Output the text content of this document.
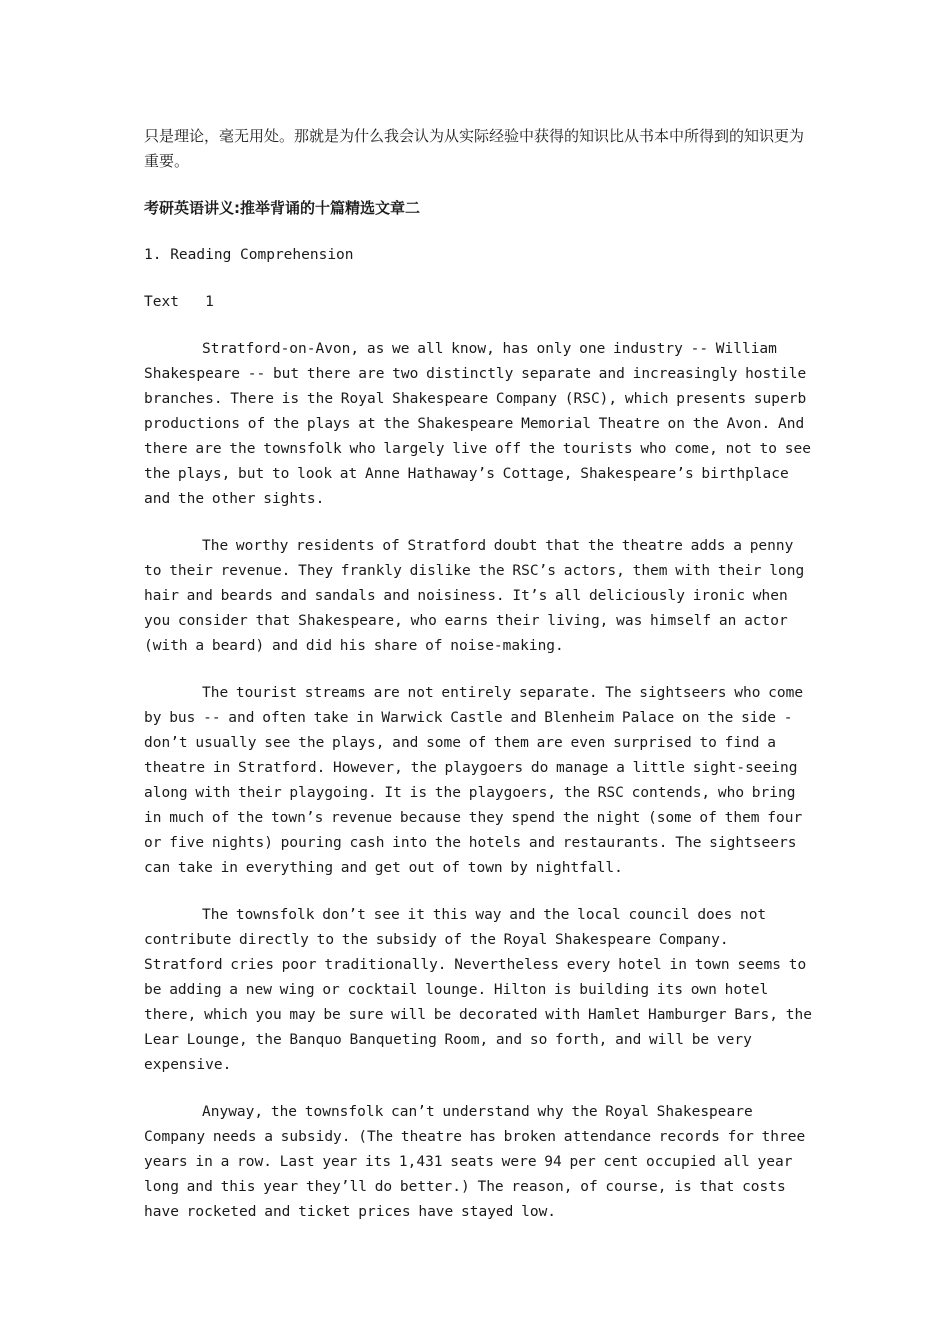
只是理论，毫无用处。那就是为什么我会认为从实际经验中获得的知识比从书本中所得到的知识更为重要。

考研英语讲义:推举背诵的十篇精选文章二

1. Reading Comprehension

Text   1

Stratford-on-Avon, as we all know, has only one industry -- William Shakespeare -- but there are two distinctly separate and increasingly hostile branches. There is the Royal Shakespeare Company (RSC), which presents superb productions of the plays at the Shakespeare Memorial Theatre on the Avon. And there are the townsfolk who largely live off the tourists who come, not to see the plays, but to look at Anne Hathaway’s Cottage, Shakespeare’s birthplace and the other sights.

The worthy residents of Stratford doubt that the theatre adds a penny to their revenue. They frankly dislike the RSC’s actors, them with their long hair and beards and sandals and noisiness. It’s all deliciously ironic when you consider that Shakespeare, who earns their living, was himself an actor (with a beard) and did his share of noise-making.

The tourist streams are not entirely separate. The sightseers who come by bus -- and often take in Warwick Castle and Blenheim Palace on the side -don’t usually see the plays, and some of them are even surprised to find a theatre in Stratford. However, the playgoers do manage a little sight-seeing along with their playgoing. It is the playgoers, the RSC contends, who bring in much of the town’s revenue because they spend the night (some of them four or five nights) pouring cash into the hotels and restaurants. The sightseers can take in everything and get out of town by nightfall.

The townsfolk don’t see it this way and the local council does not contribute directly to the subsidy of the Royal Shakespeare Company. Stratford cries poor traditionally. Nevertheless every hotel in town seems to be adding a new wing or cocktail lounge. Hilton is building its own hotel there, which you may be sure will be decorated with Hamlet Hamburger Bars, the Lear Lounge, the Banquo Banqueting Room, and so forth, and will be very expensive.

Anyway, the townsfolk can’t understand why the Royal Shakespeare Company needs a subsidy. (The theatre has broken attendance records for three years in a row. Last year its 1,431 seats were 94 per cent occupied all year long and this year they’ll do better.) The reason, of course, is that costs have rocketed and ticket prices have stayed low.
